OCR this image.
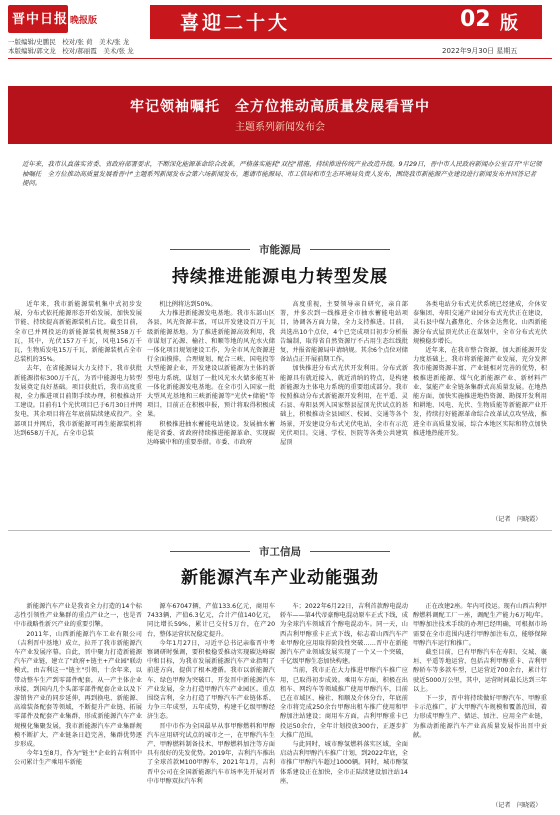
晋中日报 晚报版
一版编辑/史鹏民　校对/张 荷　美术/张 龙
本版编辑/郭文龙　校对/郝丽霞　美术/张 龙
喜迎二十大	02 版
2022年9月30日 星期五
牢记领袖嘱托　全方位推动高质量发展看晋中
主题系列新闻发布会
近年来，我市认真落实省委、省政府部署要求，不断深化能源革命综合改革，严格落实能耗"双控"措施，持续推进传统产业改造升级。9月29日，晋中市人民政府新闻办公室召开"牢记领袖嘱托　全方位推动高质量发展看晋中"主题系列新闻发布会第六场新闻发布，邀请市能源局、市工信局和市生态环境局负责人发布，围绕我市新能源产业建设进行新闻发布并回答记者提问。
市能源局
持续推进能源电力转型发展

近年来，我市新能源装机集中式初步发展，分布式依托能源形态开始发展，加快发展节能、持续提高新能源装机占比。截至目前，全市已并网投运的新能源装机规模358万千瓦，其中，光伏157万千瓦，风电156万千瓦，生物质发电15万千瓦，新能源装机占全市总装机的35%。

去年，在省能源局大力支持下，我市获批新能源指标300万千瓦，为晋中能源电力转型发展奠定良好基础。项目获批后，我市高度重视，全力推进项目前期手续办理，积极推动开工建设。目前有1个光伏项目已于6月30日并网发电，其余项目将在年底前陆续建成投产。全部项目并网后，我市新能源可再生能源装机将达到658万千瓦，占全市总装

机比例将达到50%。

大力推进新能源发电基地。我市东部山区各县，风光资源丰富，可以开发建设百万千瓦级新能源基地。为了推进新能源高效利用，我市谋划了沁源、榆社、和顺等地的风光水火储一体化项目规划建设工作，为全市风光资源进行全面摸排，合理规划，配合三峡、国电投等大型能源企业，开发建设以新能源为主体的新型电力系统，谋划了一批风光水火储多能互补一体化新能源发电基地。在全市引入国家一批大型风光基地和三峡新能源等"光伏+储能"等项目，目前正在积极申报，预计将取得积极成果。

积极推进抽水蓄能电站建设。发展抽水蓄能是省委、省政府持续推进能源革命、实现碳达峰碳中和的重要举措。市委、市政府

高度重视，主要领导亲自研究，亲自部署，并多次到一线推进全市抽水蓄能电站项目，协调各方面力量，全力支持推进。目前，共选出10个点位，4个已完成项目初步分析报告编制，取得省自然资源厅不占用生态红线批复，并报省能源局申请纳规。其余6个点位对储备站点正开展前期工作。

加快推进分布式光伏开发利用。分布式新能源具有就近接入、就近消纳的特点，是构建新能源为主体电力系统的重要组成部分。我市按照推动分布式新能源开发利用，在平遥、灵石县、寿阳县列入国家整县屋顶光伏试点的基础上，积极推动全县园区、校园、交通等各个场景，开发建设分布式光伏电站，全市有示范光伏项目。交通、学校、医院等各类公共建筑屋顶

各类电站分布式光伏系统已经建成，介休安泰集团、寿阳交通产业园分布式光伏正在建设，灵石县中煤九鑫焦化、介休金达焦化、山西新能源分布式屋顶光伏正在谋划中，全市分布式光伏规模稳步增长。

近年来，在我市整合资源，加大新能源开发力度基础上，我市将新能源产业发展，充分发挥我市能源资源丰富、产业链相对完善的优势，积极推进新能源、煤气化新能源产业、新材料产业、氢能产业全链条集群式高质量发展。在地热能方面，加快实施推进地热资源、勘探开发利用和耕地、风电、光伏、生物质能等新能源产业开发，持续打好能源革命综合改革试点攻坚战，推进全市高质量发展，综合本地区实际和特点加快推进地热能开发。

（记者　闫晓霞）
市工信局
新能源汽车产业动能强劲

新能源汽车产业是我省全力打造的14个标志性引领性产业集群的重点产业之一，也是晋中市战略性新兴产业的重要引擎。

2011年，山西新能源汽车工业有限公司（吉利晋中基地）成立，拉开了我市新能源汽车产业发展序幕。自此，晋中聚力打造新能源汽车产业链，建立了"政府+链主+产业园"联动模式，由吉利这一"链主"引领，十余年来，以带动整车生产到零部件配套，从一产主体企业承接，到国内几个头部零部件配套企业以及下游销售产业的同步延伸，再到换电、新能源、高端装备配套等领域，不断提升产业链、拓展零部件及配套产业集群，形成新能源汽车产业规模化集聚发展，我市新能源汽车产业集群规模不断扩大，产业链条日趋完善，集群优势逐步形成。

今年1至8月，作为"链主"企业的吉利晋中公司累计生产乘用车新能

源车67047辆，产值133.6亿元，商用车7433辆，产值6.3亿元，合计产值140亿元，同比增长59%，累计已交付5万台，在产20台，整体运营状况稳定提升。

今年1月27日，习近平总书记亲临晋中考察调研时强调，要积极稳妥推动实现碳达峰碳中和目标，为我市发展新能源汽车产业指明了前进方向，提供了根本遵循。我市以新能源汽车、绿色甲醇为突破口，开发晋中新能源汽车产业发展，全力打造甲醇汽车产业园区。重点围绕吉利，全力打造了甲醇汽车产业链体系、力争三年成型，五年成势，构建千亿级甲醇经济生态。

晋中市作为全国最早从事甲醇燃料和甲醇汽车应用研究试点的城市之一，在甲醇汽车生产、甲醇燃料制备技术、甲醇燃料加注等方面具有很好的先发优势。2019年，吉利汽车推出了全球首款M100甲醇车，2021年1月，吉利晋中公司在全国新能源汽车市场率先开展对晋中市甲醇双拉汽车利

车；2022年6月22日，吉利首款醇电混动轿车——第4代帝豪醇电混动原车正式下线，成为全球汽车领域首个醇电混动车。同一天，山西吉利甲醇重卡正式下线，标志着山西汽车产业甲醇化应用取得阶段性突破……晋中在新能源汽车产业领域发展实现了一个又一个突破，千亿级甲醇生态加快构建。

当前，我市正在大力推进甲醇汽车推广应用，已取得初步成效。乘用车方面，积极在出租车、网约车等领域推广使用甲醇汽车，目前已在市域区、榆社、和顺及介休分台，年底前全市将完成250余台甲醇出租车推广使用和甲醇加注站建设；商用车方面，吉利甲醇重卡已投运50余台，全年计划投放300台，正逐步扩大推广范围。

与此同时，城市醇氢燃料落实区域，全面启动吉利甲醇汽车推广计划，到2022年底，全市推广甲醇汽车超过1000辆。同时，城市醇氢体系建设正在加快，全市正陆续建设加注站14座，

正在改建2座。年内可投运。现有山西吉利甲醇燃料调配工厂一座，调配生产能力6万吨/年。甲醇加注技术手续的办理已经明确，可根据市场需要在全市范围内进行甲醇加注布点，能够保障甲醇汽车运行和推广。

截至目前，已有甲醇汽车在寿阳、交城、襄垣、平遥等地运营，包括吉利甲醇重卡、吉利甲醇轿车等多款车型，已运营近700余台，累计行驶近5000万公里，其中，运营时间最长达到三年以上。

下一步，晋中将持续做好甲醇汽车、甲醇重卡示范推广，扩大甲醇汽车规模和覆盖范围，着力形成甲醇生产、储运、加注、应用全产业链，为推动新能源汽车产业高质量发展作出晋中贡献。

（记者　闫晓霞）
